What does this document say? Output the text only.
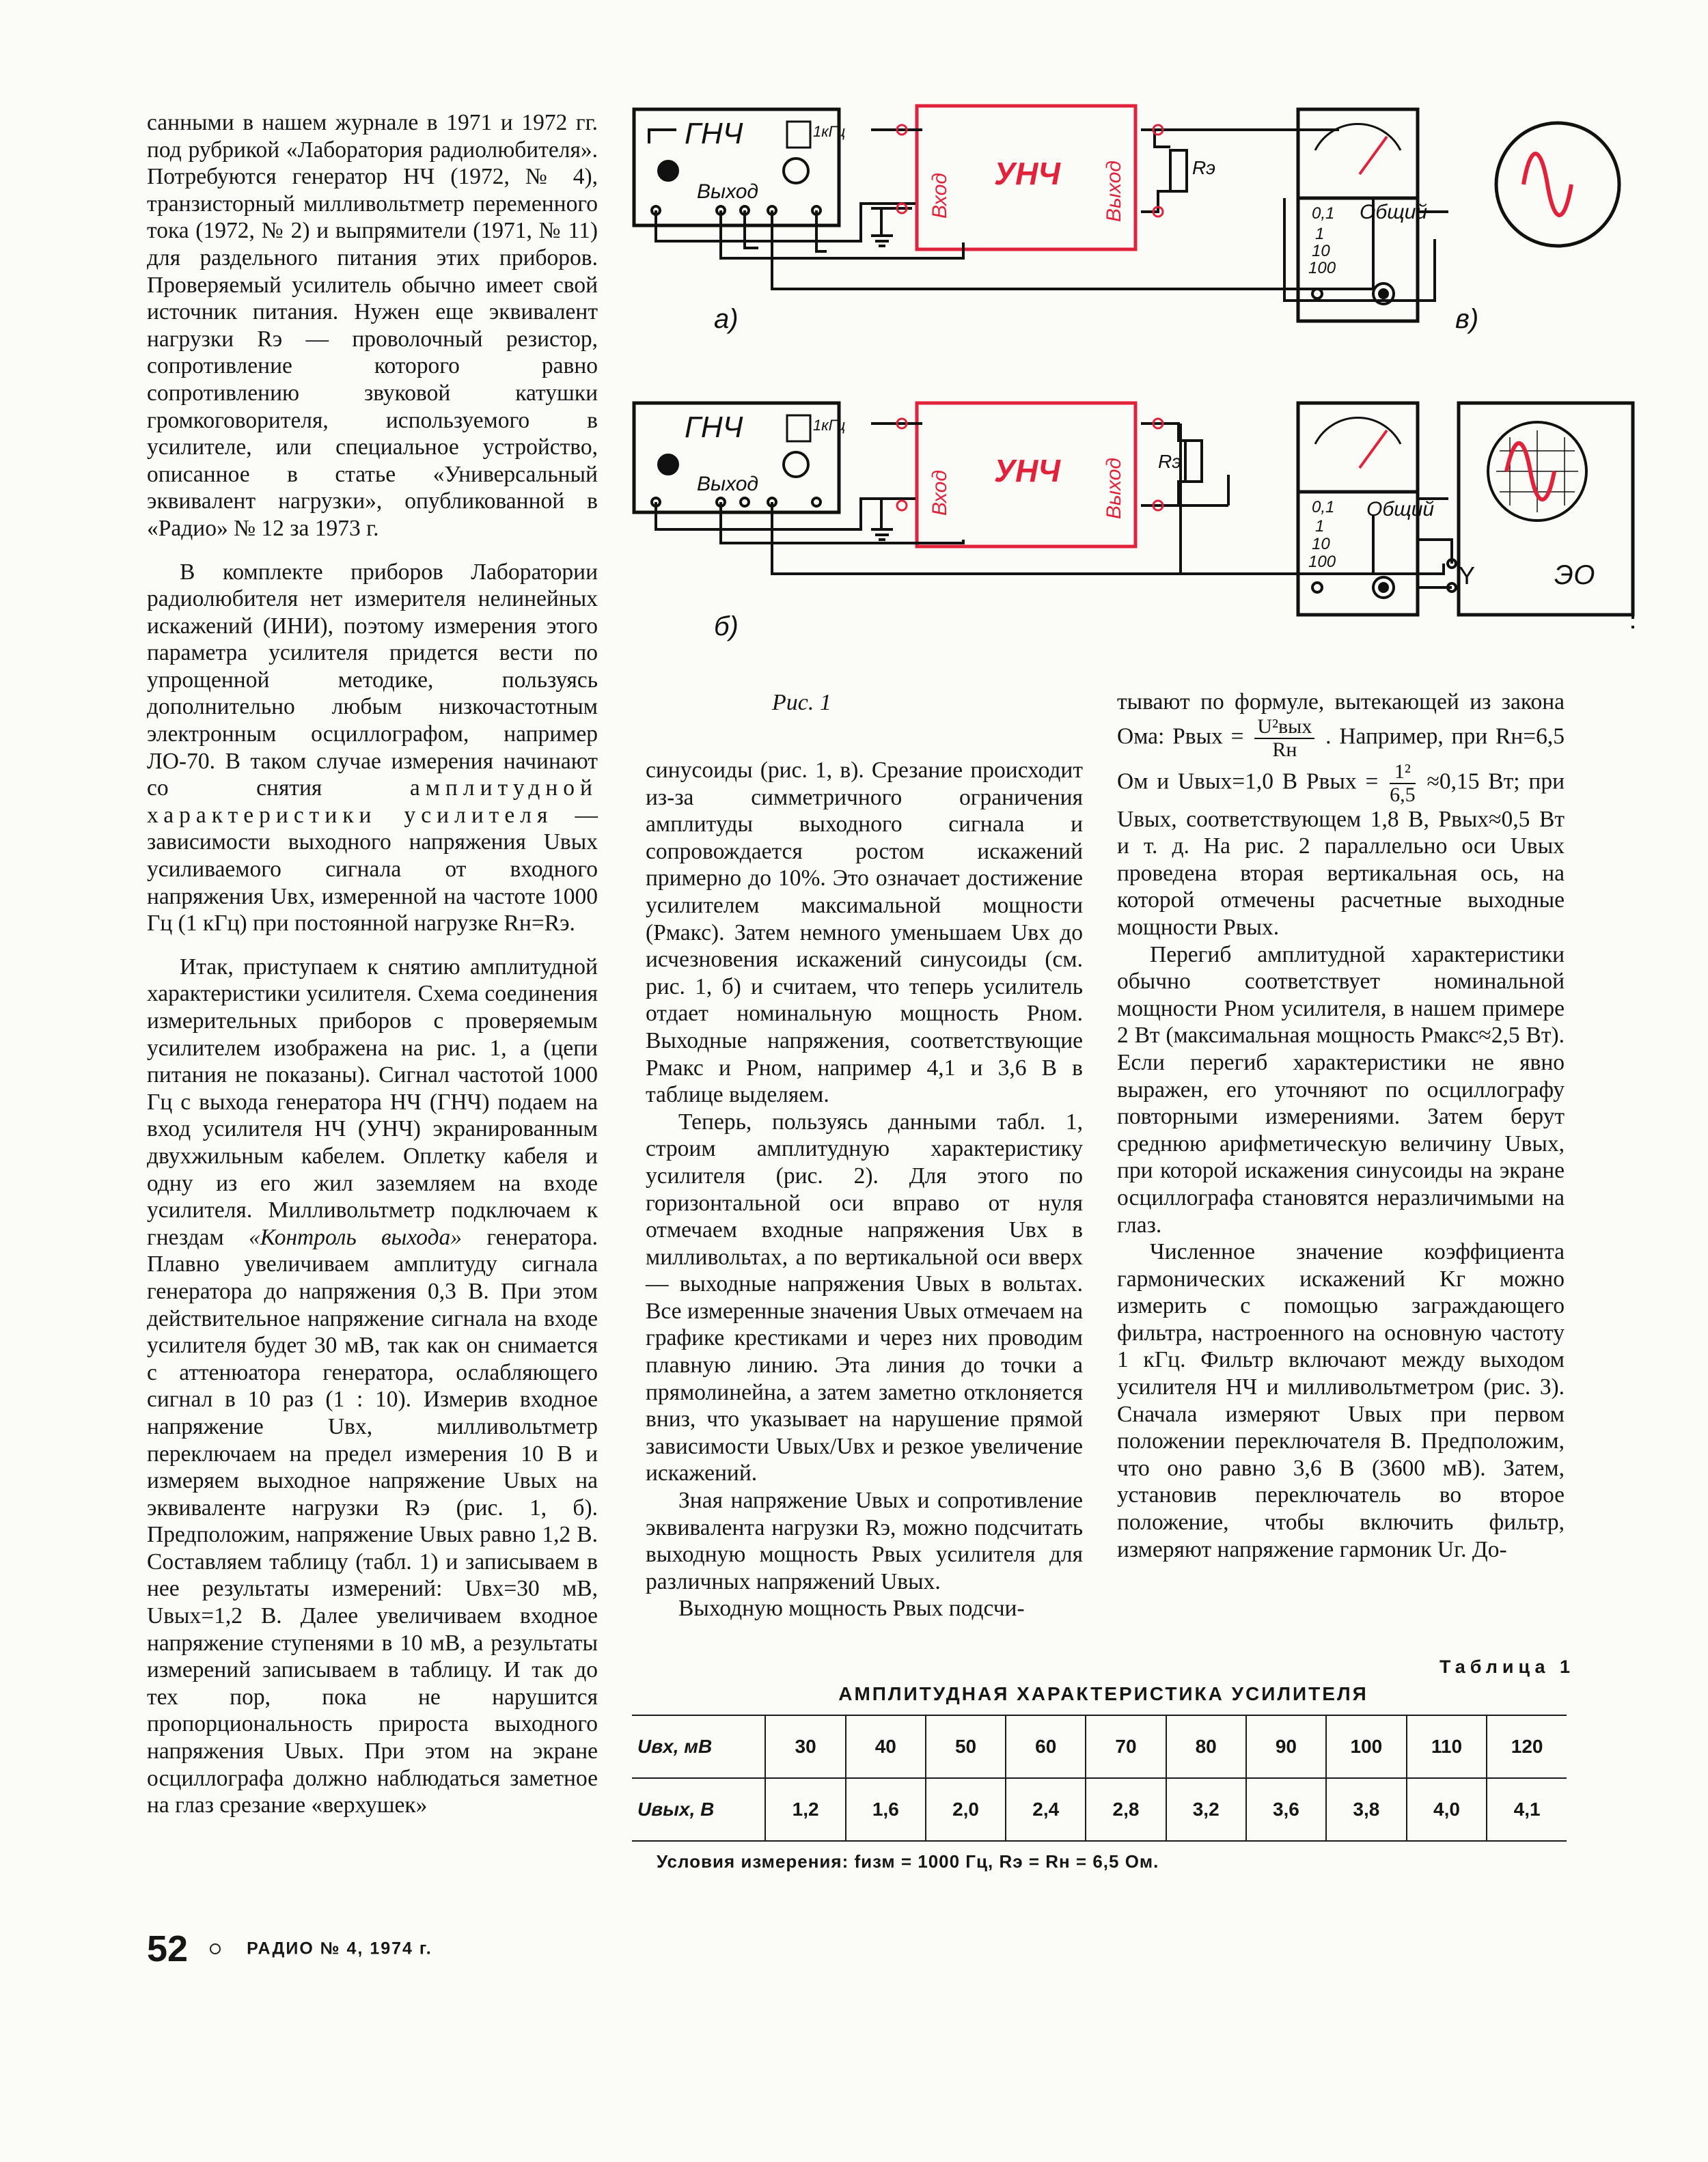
ГНЧ	1кГц
Выход
УНЧ
Вход	Выход	Rэ
0,1
1
10
100
Общий
а)	в)
ГНЧ	1кГц
Выход	УНЧ
Вход	Выход Rэ
0,1
1
10
100
Общий
Y	ЭО
б)
Рис. 1

санными в нашем журнале в 1971 и 1972 гг. под рубрикой «Лаборатория радиолюбителя». Потребуются генератор НЧ (1972, № 4), транзисторный милливольтметр переменного тока (1972, № 2) и выпрямители (1971, № 11) для раздельного питания этих приборов. Проверяемый усилитель обычно имеет свой источник питания. Нужен еще эквивалент нагрузки Rэ — проволочный резистор, сопротивление которого равно сопротивлению звуковой катушки громкоговорителя, используемого в усилителе, или специальное устройство, описанное в статье «Универсальный эквивалент нагрузки», опубликованной в «Радио» № 12 за 1973 г.

В комплекте приборов Лаборатории радиолюбителя нет измерителя нелинейных искажений (ИНИ), поэтому измерения этого параметра усилителя придется вести по упрощенной методике, пользуясь дополнительно любым низкочастотным электронным осциллографом, например ЛО-70. В таком случае измерения начинают со снятия	амплитудной характеристики усилителя — зависимости выходного напряжения Uвых усиливаемого сигнала от входного напряжения Uвх, измеренной на частоте 1000 Гц (1 кГц) при постоянной нагрузке Rн=Rэ.

Итак, приступаем к снятию амплитудной характеристики усилителя. Схема соединения измерительных приборов с проверяемым усилителем изображена на рис. 1, а (цепи питания не показаны). Сигнал частотой 1000 Гц с выхода генератора НЧ (ГНЧ) подаем на вход усилителя НЧ (УНЧ) экранированным двухжильным кабелем. Оплетку кабеля и одну из его жил заземляем на входе усилителя. Милливольтметр подключаем к гнездам «Контроль выхода» генератора. Плавно увеличиваем амплитуду сигнала генератора до напряжения 0,3 В. При этом действительное напряжение сигнала на входе усилителя будет 30 мВ, так как он снимается с аттенюатора генератора, ослабляющего сигнал в 10 раз (1 : 10). Измерив входное напряжение Uвх, милливольтметр переключаем на предел измерения 10 В и измеряем выходное напряжение Uвых на эквиваленте нагрузки Rэ (рис. 1, б). Предположим, напряжение Uвых равно 1,2 В. Составляем таблицу (табл. 1) и записываем в нее результаты измерений: Uвх=30 мВ, Uвых=1,2 В. Далее увеличиваем входное напряжение ступенями в 10 мВ, а результаты измерений записываем в таблицу. И так до тех пор, пока не нарушится пропорциональность прироста выходного напряжения Uвых. При этом на экране осциллографа должно наблюдаться заметное на глаз срезание «верхушек»

синусоиды (рис. 1, в). Срезание происходит из-за симметричного ограничения амплитуды выходного сигнала и сопровождается ростом искажений примерно до 10%. Это означает достижение усилителем максимальной мощности (Pмакс). Затем немного уменьшаем Uвх до исчезновения искажений синусоиды (см. рис. 1, б) и считаем, что теперь усилитель отдает номинальную мощность Pном. Выходные напряжения, соответствующие Pмакс и Pном, например 4,1 и 3,6 В в таблице выделяем.

Теперь, пользуясь данными табл. 1, строим амплитудную характеристику усилителя (рис. 2). Для этого по горизонтальной оси вправо от нуля отмечаем входные напряжения Uвх в милливольтах, а по вертикальной оси вверх — выходные напряжения Uвых в вольтах. Все измеренные значения Uвых отмечаем на графике крестиками и через них проводим плавную линию. Эта линия до точки а прямолинейна, а затем заметно отклоняется вниз, что указывает на нарушение прямой зависимости Uвых/Uвх и резкое увеличение искажений.

Зная напряжение Uвых и сопротивление эквивалента нагрузки Rэ, можно подсчитать выходную мощность Pвых усилителя для различных напряжений Uвых.

Выходную мощность Pвых подсчи-

тывают по формуле, вытекающей из закона Ома: Pвых = $\frac{\text{U²вых}}{Rн}$ . Например, при Rн=6,5 Ом и Uвых=1,0 В Pвых = $\frac{\text{1²}}{6,5} \approx 0,15$ Вт; при Uвых, соответствующем 1,8 В, Pвых≈0,5 Вт и т. д. На рис. 2 параллельно оси Uвых проведена вторая вертикальная ось, на которой отмечены расчетные выходные мощности Pвых.

Перегиб амплитудной характеристики обычно соответствует номинальной мощности Pном усилителя, в нашем примере 2 Вт (максимальная мощность Pмакс≈2,5 Вт). Если перегиб характеристики не явно выражен, его уточняют по осциллографу повторными измерениями. Затем берут среднюю арифметическую величину Uвых, при которой искажения синусоиды на экране осциллографа становятся неразличимыми на глаз.

Численное значение коэффициента гармонических искажений Kг можно измерить с помощью заграждающего фильтра, настроенного на основную частоту 1 кГц. Фильтр включают между выходом усилителя НЧ и милливольтметром (рис. 3). Сначала измеряют Uвых при первом положении переключателя В. Предположим, что оно равно 3,6 В (3600 мВ). Затем, установив переключатель во второе положение, чтобы включить фильтр, измеряют напряжение гармоник Uг. До-

Таблица 1
АМПЛИТУДНАЯ ХАРАКТЕРИСТИКА УСИЛИТЕЛЯ
Uвх, мВ	30	40	50	60	70	80	90	100	110	120
Uвых, В	1,2	1,6	2,0	2,4	2,8	3,2	3,6	3,8	4,0	4,1
Условия измерения: fизм = 1000 Гц, Rэ = Rн = 6,5 Ом.
52	РАДИО № 4, 1974 г.
